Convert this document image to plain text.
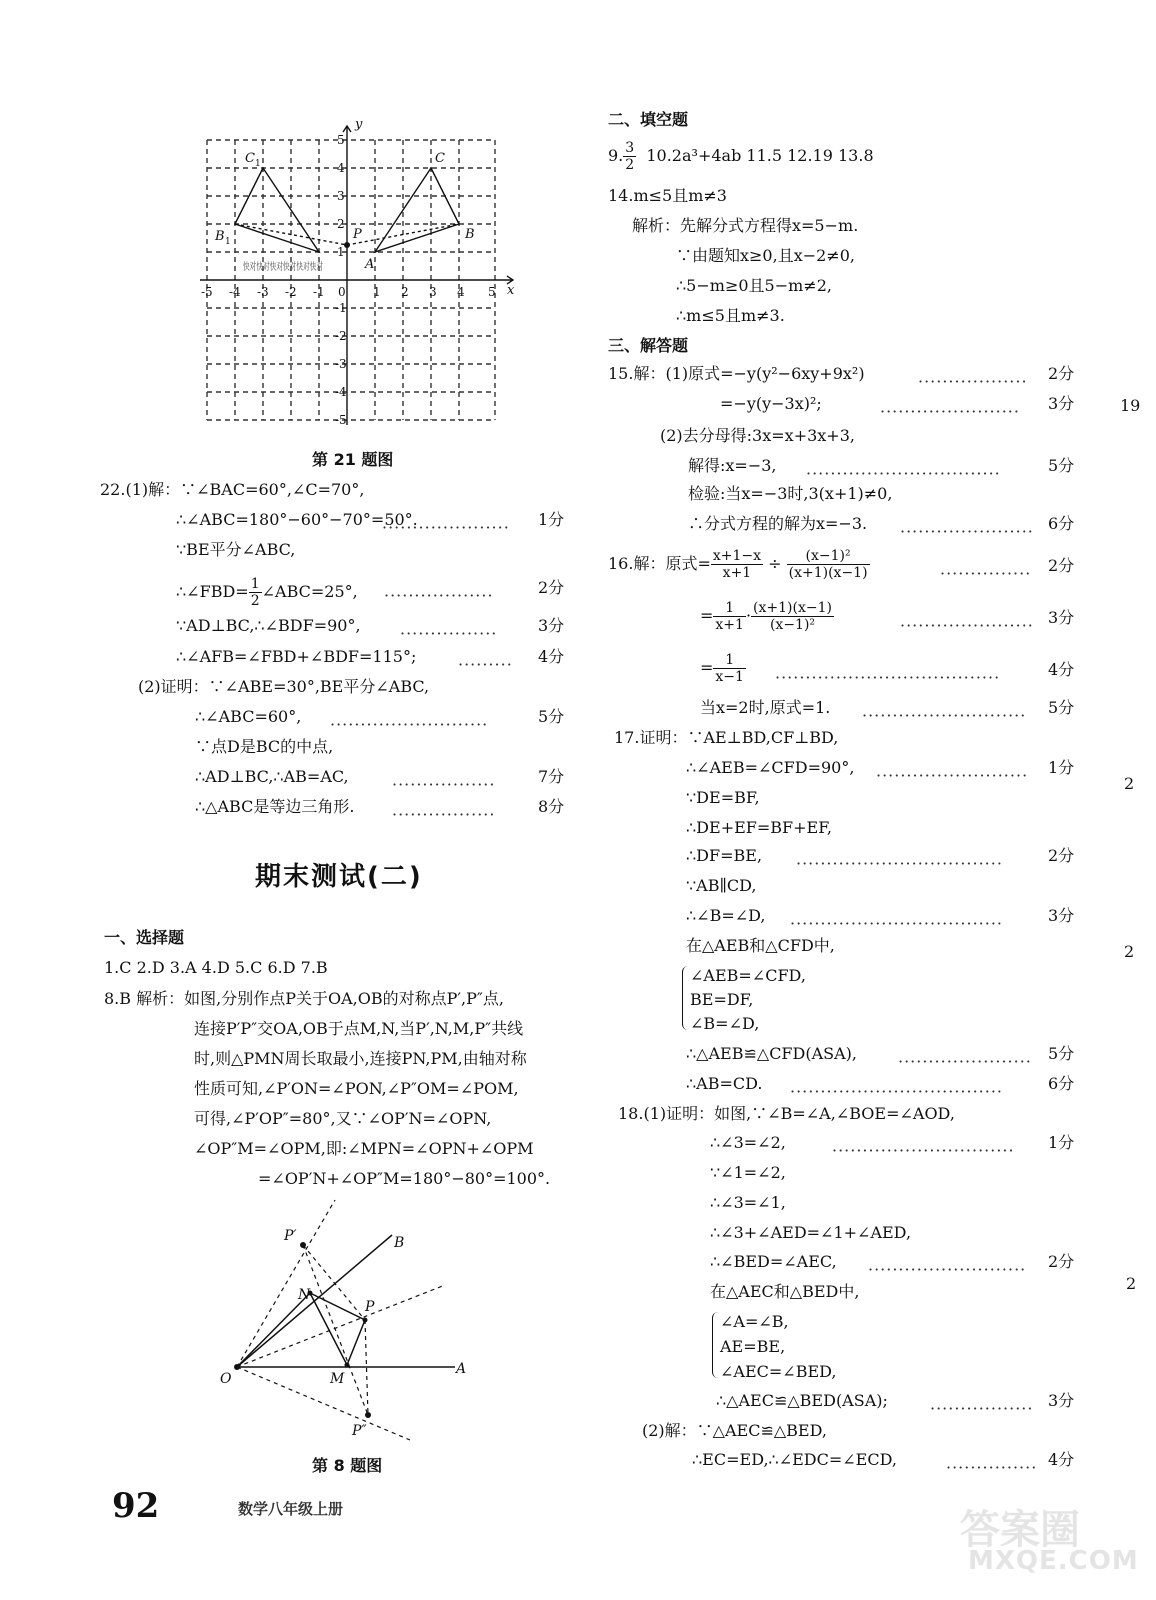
-5 -4 -3 -2 -1	1 2 3 4 5
5
4
3
2
1
-1
-2
-3
-4
-5
0	x
y
C 1
B 1
C
B
A
P
快对快对快对快对快对快对
第 21 题图
22.(1)解：∵∠BAC=60°,∠C=70°,
∴∠ABC=180°−60°−70°=50°.	1分
∵BE平分∠ABC,
∴∠FBD= $\frac{1}{2}$ ∠ABC=25°,	2分
∵AD⊥BC,∴∠BDF=90°,	3分
∴∠AFB=∠FBD+∠BDF=115°;	4分
(2)证明：∵∠ABE=30°,BE平分∠ABC,
∴∠ABC=60°,	5分
∵点D是BC的中点,
∴AD⊥BC,∴AB=AC,	7分
∴△ABC是等边三角形.	8分
·····················
··················
················
·········
··························
·················
·················
期末测试(二)
一、选择题
1.C 2.D 3.A 4.D 5.C 6.D 7.B
8.B 解析：如图,分别作点P关于OA,OB的对称点P′,P″点,
连接P′P″交OA,OB于点M,N,当P′,N,M,P″共线
时,则△PMN周长取最小,连接PN,PM,由轴对称
性质可知,∠P′ON=∠PON,∠P″OM=∠POM,
可得,∠P′OP″=80°,又∵∠OP′N=∠OPN,
∠OP″M=∠OPM,即:∠MPN=∠OPN+∠OPM
=∠OP′N+∠OP″M=180°−80°=100°.
P′	B
N
P
O	M
A
P″
第 8 题图
二、填空题
9. $\frac{3}{2} 10.2a^3+4ab$ 11.5 12.19 13.8
14.m≤5且m≠3
解析：先解分式方程得x=5−m.
∵由题知x≥0,且x−2≠0,
∴5−m≥0且5−m≠2,
∴m≤5且m≠3.
三、解答题
15.解：(1)原式=−y(y²−6xy+9x²)	2分
=−y(y−3x)²;	3分
(2)去分母得:3x=x+3x+3,
解得:x=−3,	5分
检验:当x=−3时,3(x+1)≠0,
∴分式方程的解为x=−3.	6分
··················
·······················
································
······················
16.解：原式= $\frac{x+1-x}{x+1} \div \frac{\text{(x−1)²}}{(x+1)(x-1)}$	2分
= $\frac{1}{x+1} \cdot \frac{(x+1)(x-1)}{\text{(x−1)²}}$	3分
= $\frac{1}{x-1}$	4分
当x=2时,原式=1.	5分
···············
······················
·····································
···························
17.证明：∵AE⊥BD,CF⊥BD,
∴∠AEB=∠CFD=90°,	1分
∵DE=BF,
∴DE+EF=BF+EF,
∴DF=BE,	2分
∵AB∥CD,
∴∠B=∠D,	3分
在△AEB和△CFD中,
∠AEB=∠CFD,
BE=DF,
∠B=∠D,
∴△AEB≌△CFD(ASA),	5分
∴AB=CD.	6分
·························
··································
···································
······················
···································
18.(1)证明：如图,∵∠B=∠A,∠BOE=∠AOD,
∴∠3=∠2,	1分
∵∠1=∠2,
∴∠3=∠1,
∴∠3+∠AED=∠1+∠AED,
∴∠BED=∠AEC,	2分
在△AEC和△BED中,
∠A=∠B,
AE=BE,
∠AEC=∠BED,
∴△AEC≌△BED(ASA);	3分
(2)解：∵△AEC≌△BED,
∴EC=ED,∴∠EDC=∠ECD,	4分
······························
··························
·················
···············
19
2
2
2
92	数学八年级上册	答案圈
MXQE.COM
